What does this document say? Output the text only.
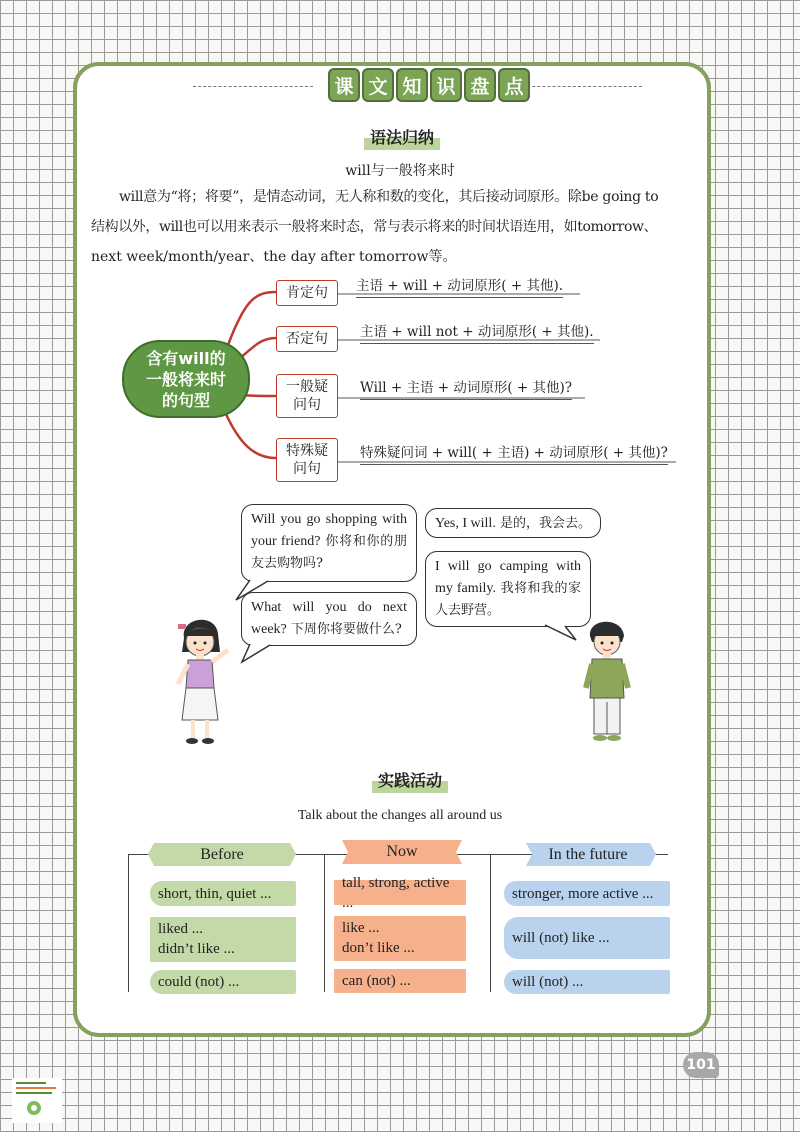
课 文 知 识 盘 点
语法归纳
will与一般将来时
will意为“将；将要”，是情态动词，无人称和数的变化，其后接动词原形。除be going to
结构以外，will也可以用来表示一般将来时态，常与表示将来的时间状语连用，如tomorrow、
next week/month/year、the day after tomorrow等。
含有will的
一般将来时
的句型
肯定句
否定句
一般疑
问句
特殊疑
问句
主语 + will + 动词原形( + 其他).
主语 + will not + 动词原形( + 其他).
Will + 主语 + 动词原形( + 其他)?
特殊疑问词 + will( + 主语) + 动词原形( + 其他)?
Will you go shopping with your friend? 你将和你的朋友去购物吗?
What will you do next week? 下周你将要做什么?
Yes, I will. 是的，我会去。
I will go camping with my family. 我将和我的家人去野营。
实践活动
Talk about the changes all around us
Before	Now	In the future
short, thin, quiet ...
liked ...
didn’t like ...
could (not) ...
tall, strong, active ...
like ...
don’t like ...
can (not) ...
stronger, more active ...
will (not) like ...
will (not) ...
101
